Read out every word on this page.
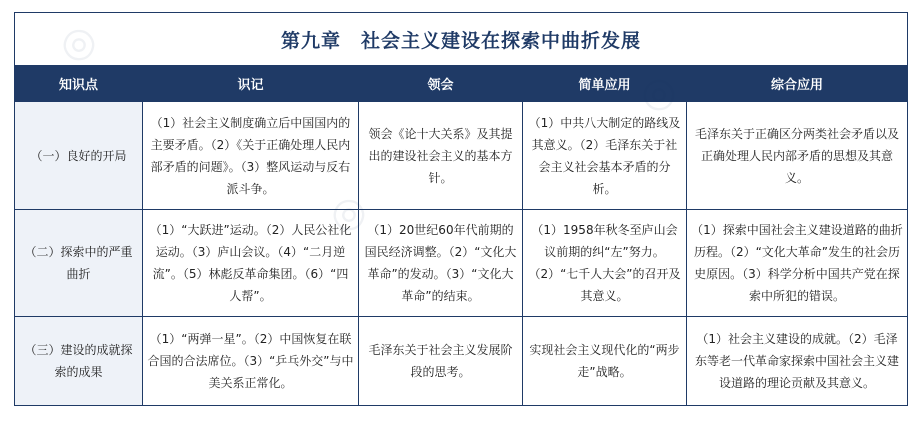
第九章　社会主义建设在探索中曲折发展				
知识点	识记	领会	简单应用	综合应用

（一）良好的开局	（1）社会主义制度确立后中国国内的主要矛盾。（2）《关于正确处理人民内部矛盾的问题》。（3）整风运动与反右派斗争。	领会《论十大关系》及其提出的建设社会主义的基本方针。	（1）中共八大制定的路线及其意义。（2）毛泽东关于社会主义社会基本矛盾的分析。	毛泽东关于正确区分两类社会矛盾以及正确处理人民内部矛盾的思想及其意义。

（二）探索中的严重曲折	（1）“大跃进”运动。（2）人民公社化运动。（3）庐山会议。（4）“二月逆流”。（5）林彪反革命集团。（6）“四人帮”。	（1）20世纪60年代前期的国民经济调整。（2）“文化大革命”的发动。（3）“文化大革命”的结束。	（1）1958年秋冬至庐山会议前期的纠“左”努力。（2）“七千人大会”的召开及其意义。	（1）探索中国社会主义建设道路的曲折历程。（2）“文化大革命”发生的社会历史原因。（3）科学分析中国共产党在探索中所犯的错误。

（三）建设的成就探索的成果	（1）“两弹一星”。（2）中国恢复在联合国的合法席位。（3）“乒乓外交”与中美关系正常化。	毛泽东关于社会主义发展阶段的思考。	实现社会主义现代化的“两步走”战略。	（1）社会主义建设的成就。（2）毛泽东等老一代革命家探索中国社会主义建设道路的理论贡献及其意义。
